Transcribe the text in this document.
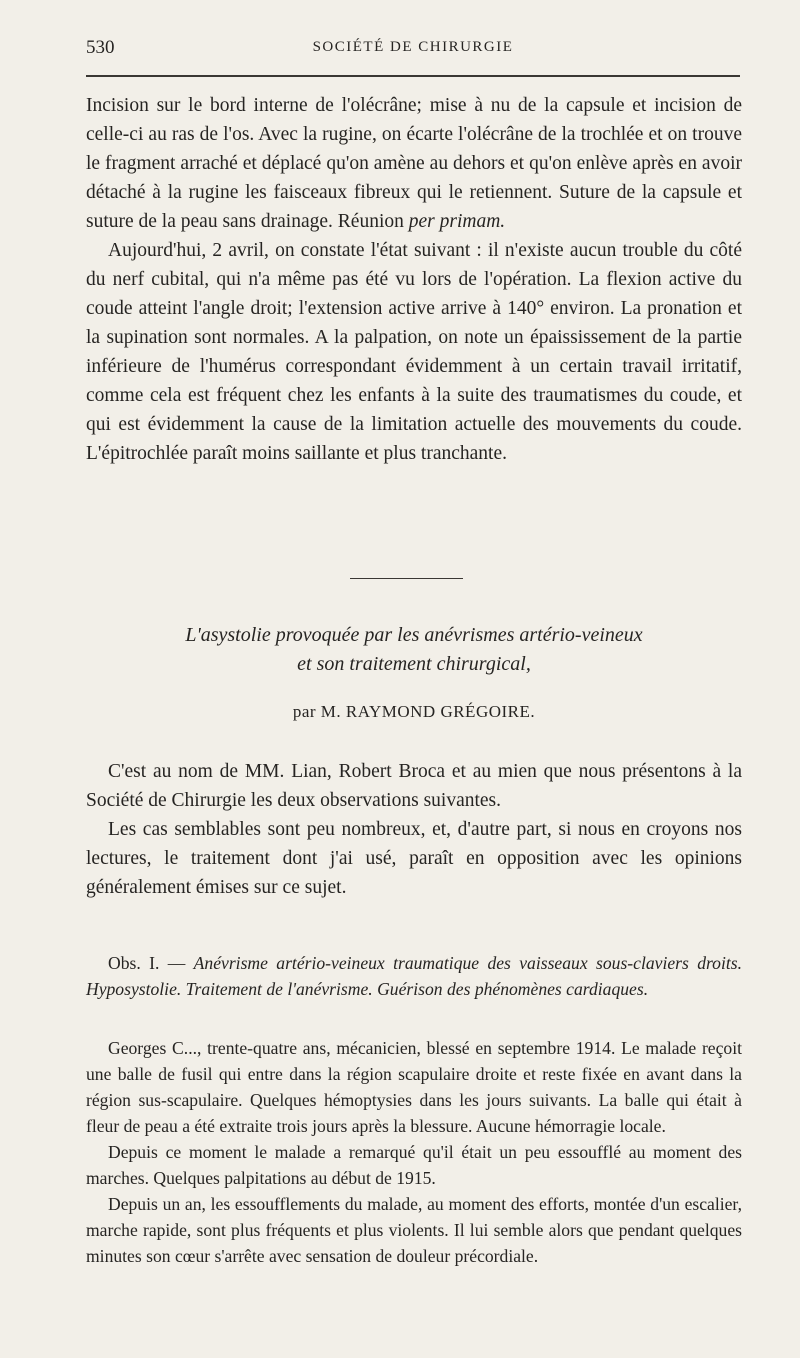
530	SOCIÉTÉ DE CHIRURGIE

Incision sur le bord interne de l'olécrâne; mise à nu de la capsule et incision de celle-ci au ras de l'os. Avec la rugine, on écarte l'olécrâne de la trochlée et on trouve le fragment arraché et déplacé qu'on amène au dehors et qu'on enlève après en avoir détaché à la rugine les faisceaux fibreux qui le retiennent. Suture de la capsule et suture de la peau sans drainage. Réunion per primam.

Aujourd'hui, 2 avril, on constate l'état suivant : il n'existe aucun trouble du côté du nerf cubital, qui n'a même pas été vu lors de l'opération. La flexion active du coude atteint l'angle droit; l'extension active arrive à 140° environ. La pronation et la supination sont normales. A la palpation, on note un épaississement de la partie inférieure de l'humérus correspondant évidemment à un certain travail irritatif, comme cela est fréquent chez les enfants à la suite des traumatismes du coude, et qui est évidemment la cause de la limitation actuelle des mouvements du coude. L'épitrochlée paraît moins saillante et plus tranchante.

L'asystolie provoquée par les anévrismes artério-veineux
et son traitement chirurgical,
par M. RAYMOND GRÉGOIRE.

C'est au nom de MM. Lian, Robert Broca et au mien que nous présentons à la Société de Chirurgie les deux observations suivantes.

Les cas semblables sont peu nombreux, et, d'autre part, si nous en croyons nos lectures, le traitement dont j'ai usé, paraît en opposition avec les opinions généralement émises sur ce sujet.

Obs. I. — Anévrisme artério-veineux traumatique des vaisseaux sous-claviers droits. Hyposystolie. Traitement de l'anévrisme. Guérison des phénomènes cardiaques.

Georges C..., trente-quatre ans, mécanicien, blessé en septembre 1914. Le malade reçoit une balle de fusil qui entre dans la région scapulaire droite et reste fixée en avant dans la région sus-scapulaire. Quelques hémoptysies dans les jours suivants. La balle qui était à fleur de peau a été extraite trois jours après la blessure. Aucune hémorragie locale.

Depuis ce moment le malade a remarqué qu'il était un peu essoufflé au moment des marches. Quelques palpitations au début de 1915.

Depuis un an, les essoufflements du malade, au moment des efforts, montée d'un escalier, marche rapide, sont plus fréquents et plus violents. Il lui semble alors que pendant quelques minutes son cœur s'arrête avec sensation de douleur précordiale.
